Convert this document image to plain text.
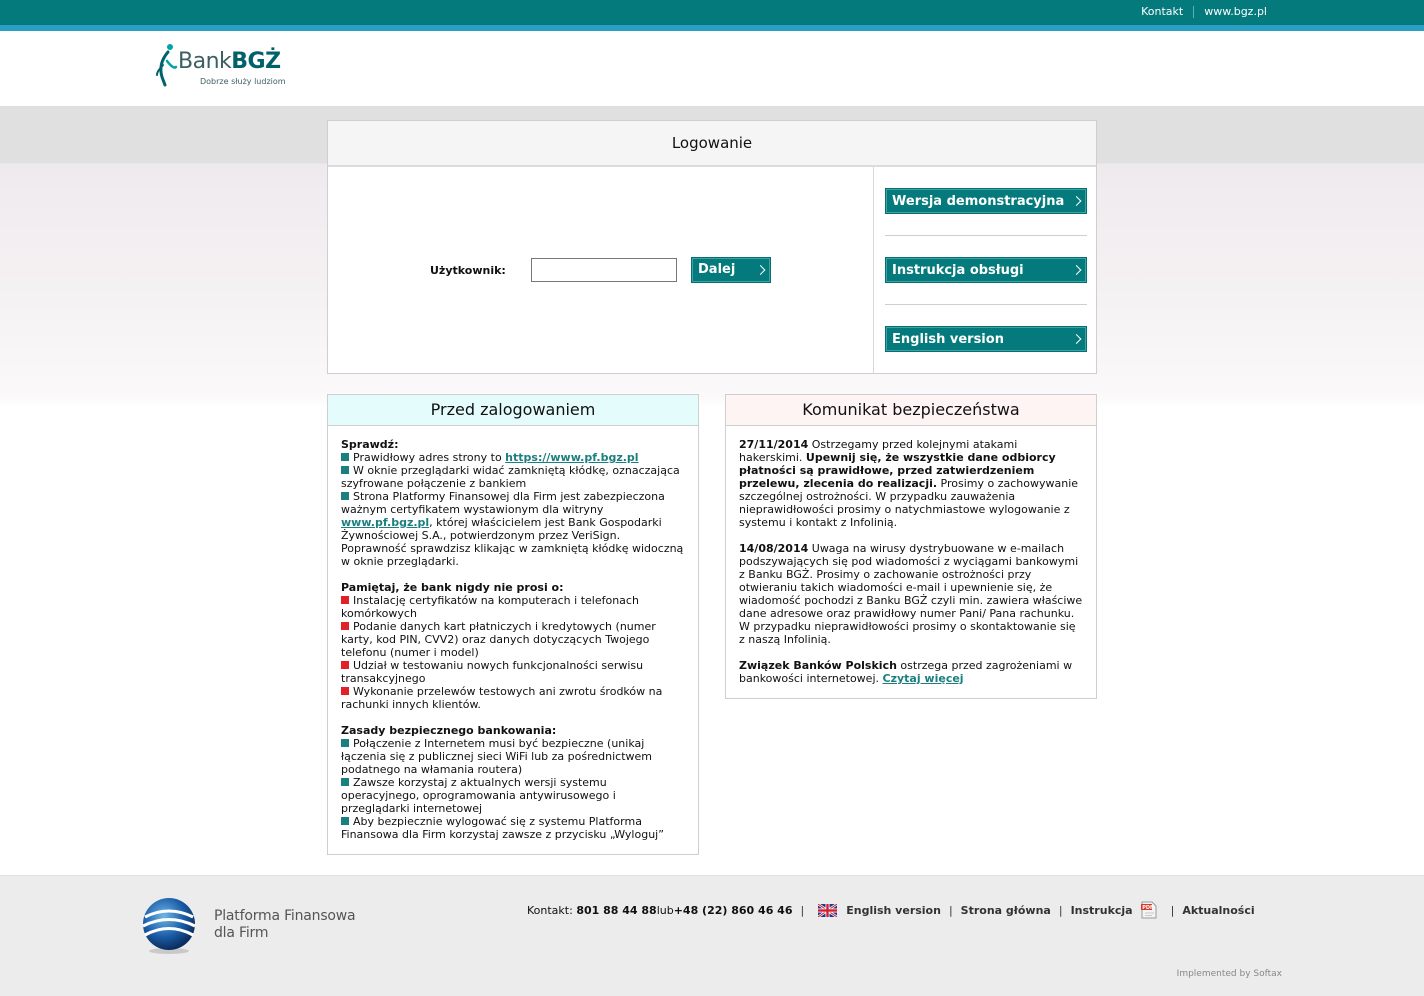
Kontakt www.bgz.pl
BankBGŻ
Dobrze służy ludziom
Logowanie
Użytkownik:	Dalej
Wersja demonstracyjna
Instrukcja obsługi
English version
Przed zalogowaniem

Sprawdź:

Prawidłowy adres strony to https://www.pf.bgz.pl

W oknie przeglądarki widać zamkniętą kłódkę, oznaczająca szyfrowane połączenie z bankiem

Strona Platformy Finansowej dla Firm jest zabezpieczona ważnym certyfikatem wystawionym dla witryny www.pf.bgz.pl, której właścicielem jest Bank Gospodarki Żywnościowej S.A., potwierdzonym przez VeriSign. Poprawność sprawdzisz klikając w zamkniętą kłódkę widoczną w oknie przeglądarki.

Pamiętaj, że bank nigdy nie prosi o:

Instalację certyfikatów na komputerach i telefonach komórkowych

Podanie danych kart płatniczych i kredytowych (numer karty, kod PIN, CVV2) oraz danych dotyczących Twojego telefonu (numer i model)

Udział w testowaniu nowych funkcjonalności serwisu transakcyjnego

Wykonanie przelewów testowych ani zwrotu środków na rachunki innych klientów.

Zasady bezpiecznego bankowania:

Połączenie z Internetem musi być bezpieczne (unikaj łączenia się z publicznej sieci WiFi lub za pośrednictwem podatnego na włamania routera)

Zawsze korzystaj z aktualnych wersji systemu operacyjnego, oprogramowania antywirusowego i przeglądarki internetowej

Aby bezpiecznie wylogować się z systemu Platforma Finansowa dla Firm korzystaj zawsze z przycisku „Wyloguj”

Komunikat bezpieczeństwa

27/11/2014 Ostrzegamy przed kolejnymi atakami hakerskimi. Upewnij się, że wszystkie dane odbiorcy płatności są prawidłowe, przed zatwierdzeniem przelewu, zlecenia do realizacji. Prosimy o zachowywanie szczególnej ostrożności. W przypadku zauważenia nieprawidłowości prosimy o natychmiastowe wylogowanie z systemu i kontakt z Infolinią.

14/08/2014 Uwaga na wirusy dystrybuowane w e-mailach podszywających się pod wiadomości z wyciągami bankowymi z Banku BGŻ. Prosimy o zachowanie ostrożności przy otwieraniu takich wiadomości e-mail i upewnienie się, że wiadomość pochodzi z Banku BGŻ czyli min. zawiera właściwe dane adresowe oraz prawidłowy numer Pani/ Pana rachunku. W przypadku nieprawidłowości prosimy o skontaktowanie się z naszą Infolinią.

Związek Banków Polskich ostrzega przed zagrożeniami w bankowości internetowej. Czytaj więcej

Platforma Finansowa
dla Firm
Kontakt:
801 88 44 88 lub +48 (22) 860 46 46 |	English version | Strona główna | Instrukcja PDF | Aktualności
Implemented by Softax
